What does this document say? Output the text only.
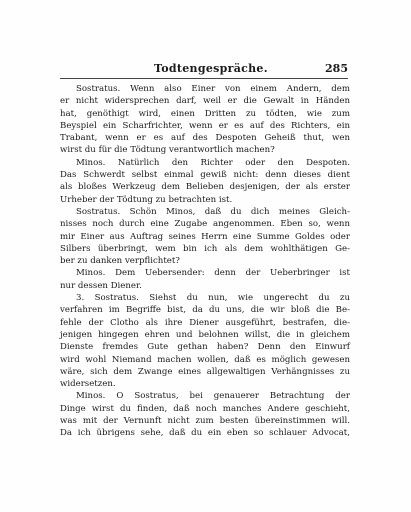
Todtengespräche.	285
Sostratus. Wenn also Einer von einem Andern, dem
er nicht widersprechen darf, weil er die Gewalt in Händen
hat, genöthigt wird, einen Dritten zu tödten, wie zum
Beyspiel ein Scharfrichter, wenn er es auf des Richters, ein
Trabant, wenn er es auf des Despoten Geheiß thut, wen
wirst du für die Tödtung verantwortlich machen?
Minos. Natürlich den Richter oder den Despoten.
Das Schwerdt selbst einmal gewiß nicht: denn dieses dient
als bloßes Werkzeug dem Belieben desjenigen, der als erster
Urheber der Tödtung zu betrachten ist.
Sostratus. Schön Minos, daß du dich meines Gleich-
nisses noch durch eine Zugabe angenommen. Eben so, wenn
mir Einer aus Auftrag seines Herrn eine Summe Goldes oder
Silbers überbringt, wem bin ich als dem wohlthätigen Ge-
ber zu danken verpflichtet?
Minos. Dem Uebersender: denn der Ueberbringer ist
nur dessen Diener.
3. Sostratus. Siehst du nun, wie ungerecht du zu
verfahren im Begriffe bist, da du uns, die wir bloß die Be-
fehle der Clotho als ihre Diener ausgeführt, bestrafen, die-
jenigen hingegen ehren und belohnen willst, die in gleichem
Dienste fremdes Gute gethan haben? Denn den Einwurf
wird wohl Niemand machen wollen, daß es möglich gewesen
wäre, sich dem Zwange eines allgewaltigen Verhängnisses zu
widersetzen.
Minos. O Sostratus, bei genauerer Betrachtung der
Dinge wirst du finden, daß noch manches Andere geschieht,
was mit der Vernunft nicht zum besten übereinstimmen will.
Da ich übrigens sehe, daß du ein eben so schlauer Advocat,
